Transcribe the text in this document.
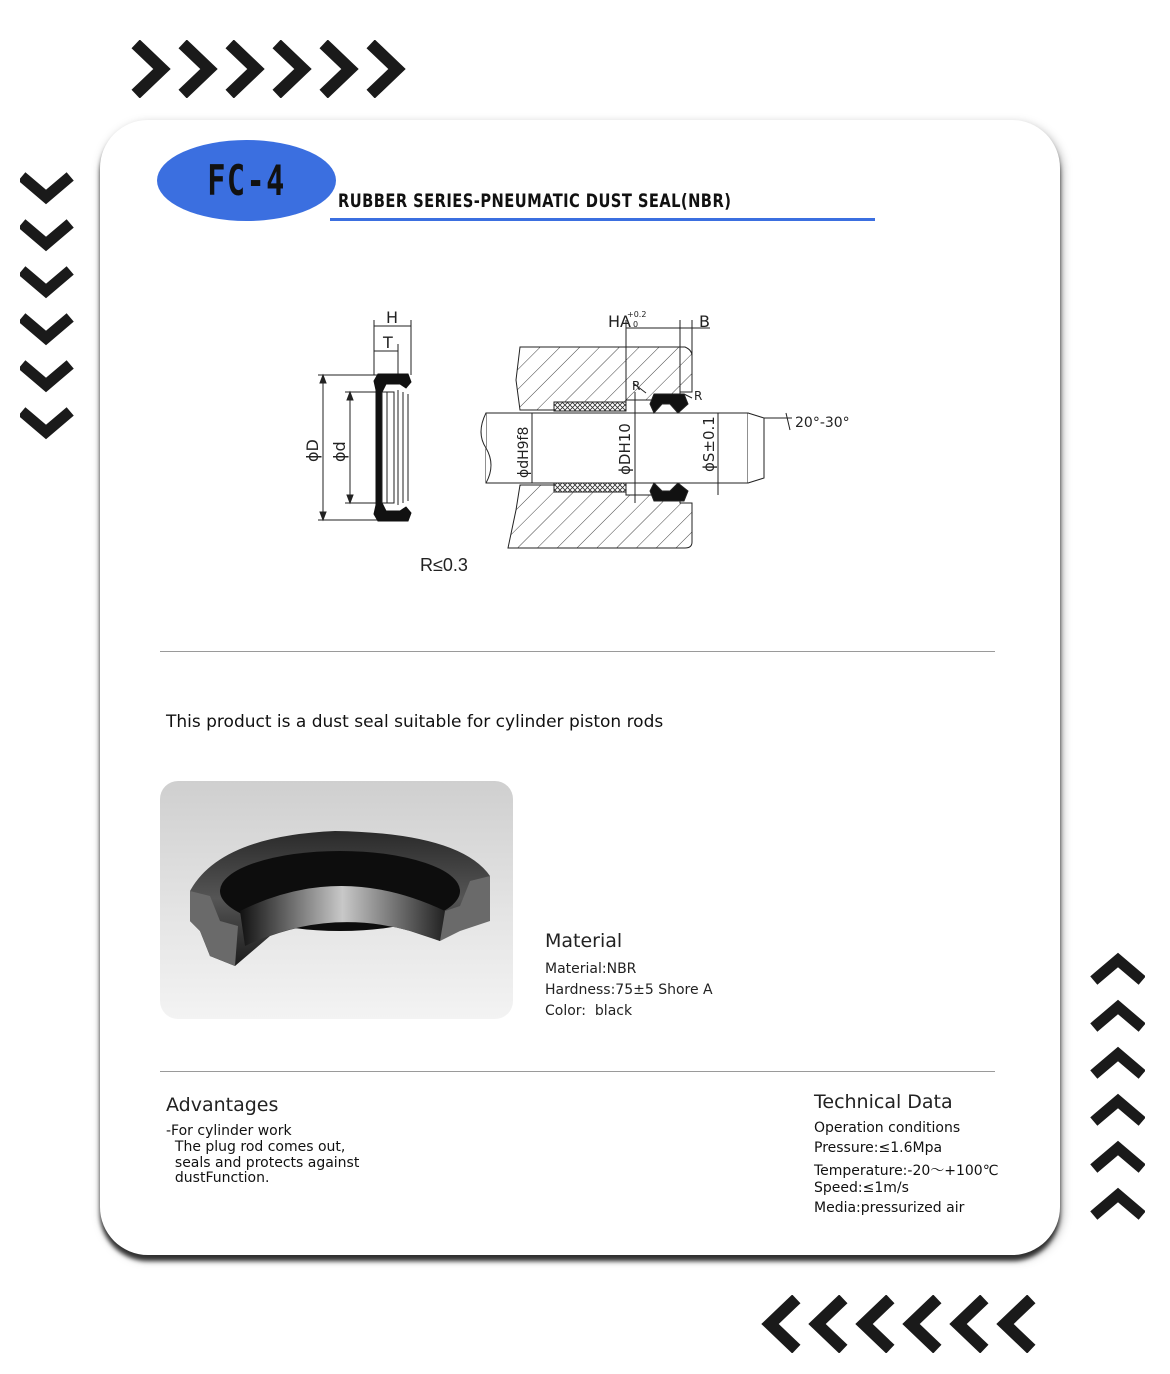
FC-4	RUBBER SERIES-PNEUMATIC DUST SEAL(NBR)
H
T
ϕD ϕd
HA
+0.2
0	B
R
R
20°-30°
ϕdH9f8	ϕDH10	ϕS±0.1
R≤0.3
This product is a dust seal suitable for cylinder piston rods
Material
Material:NBR
Hardness:75±5 Shore A
Color:  black
Advantages
-For cylinder work
The plug rod comes out,
seals and protects against
dustFunction.
Technical Data
Operation conditions
Pressure:≤1.6Mpa
Temperature:-20～+100℃
Speed:≤1m/s
Media:pressurized air
